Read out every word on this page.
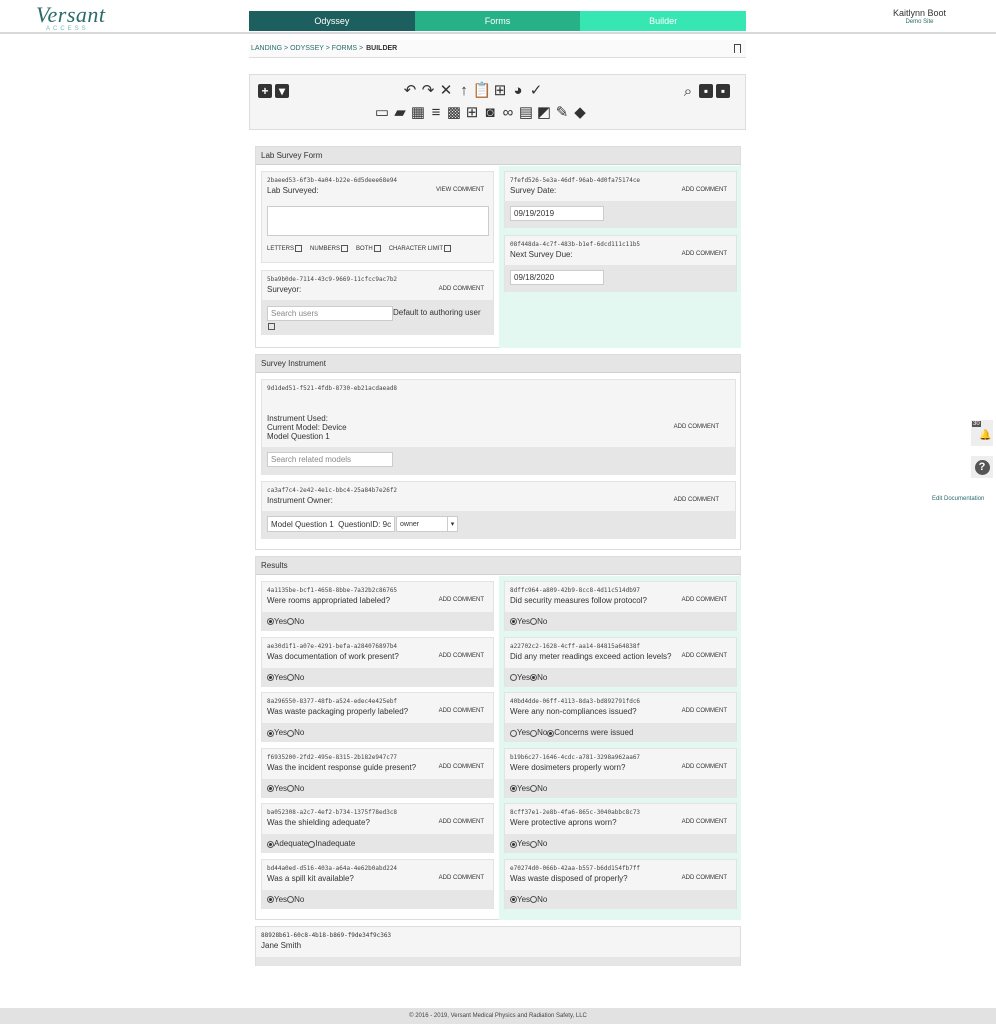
Versant
ACCESS
Odyssey	Forms	Builder
Kaitlynn Boot
Demo Site
LANDING > ODYSSEY > FORMS > BUILDER
+ ▾	↶ ↷ ✕ ↑ 📋 ⊞ ◕ ✓
▭ ▰ ▦ ≡ ▩ ⊞ ◙ ∞ ▤ ◩ ✎ ◆
⌕ ▪	▪
Lab Survey Form
2baeed53-6f3b-4a04-b22e-6d5deee68e94
Lab Surveyed:	VIEW COMMENT
LETTERS	NUMBERS	BOTH	CHARACTER LIMIT
5ba9b0de-7114-43c9-9669-11cfcc9ac7b2
Surveyor:	ADD COMMENT
Search users
Default to authoring user
7fefd526-5e3a-46df-96ab-4d0fa75174ce
Survey Date:	ADD COMMENT
09/19/2019
08f448da-4c7f-483b-b1ef-6dcd111c11b5
Next Survey Due:	ADD COMMENT
09/18/2020
Survey Instrument
9d1ded51-f521-4fdb-8730-eb21acdaead8
Instrument Used:
Current Model: Device
Model Question 1
ADD COMMENT
Search related models
ca3af7c4-2e42-4e1c-bbc4-25a84b7e26f2
Instrument Owner:	ADD COMMENT
Model Question 1 QuestionID: 9c
owner	▾
Results
4a1135be-bcf1-4658-8bbe-7a32b2c86765
Were rooms appropriated labeled?	ADD COMMENT
Yes No
ae30d1f1-a07e-4291-befa-a284076897b4
Was documentation of work present?	ADD COMMENT
Yes No
8a296550-8377-48fb-a524-edec4e425ebf
Was waste packaging properly labeled?	ADD COMMENT
Yes No
f6935200-2fd2-495e-8315-2b182e947c77
Was the incident response guide present?	ADD COMMENT
Yes No
ba052308-a2c7-4ef2-b734-1375f78ed3c8
Was the shielding adequate?	ADD COMMENT
Adequate Inadequate
bd44a0ed-d516-403a-a64a-4e62b0abd224
Was a spill kit available?	ADD COMMENT
Yes No
8dffc964-a809-42b9-8cc8-4d11c514db97
Did security measures follow protocol?	ADD COMMENT
Yes No
a22702c2-1628-4cff-aa14-84815a64838f
Did any meter readings exceed action levels? ADD COMMENT
Yes No
40bd4dde-06ff-4113-8da3-bd892791fdc6
Were any non-compliances issued?	ADD COMMENT
Yes No Concerns were issued
b19b6c27-1646-4cdc-a781-3298a962aa67
Were dosimeters properly worn?	ADD COMMENT
Yes No
8cff37e1-2e8b-4fa6-865c-3040abbc8c73
Were protective aprons worn?	ADD COMMENT
Yes No
e70274d0-066b-42aa-b557-b6dd154fb7ff
Was waste disposed of properly?	ADD COMMENT
Yes No
88928b61-60c8-4b18-b869-f9de34f9c363
Jane Smith
30
🔔
?
Edit Documentation
© 2016 - 2019, Versant Medical Physics and Radiation Safety, LLC
